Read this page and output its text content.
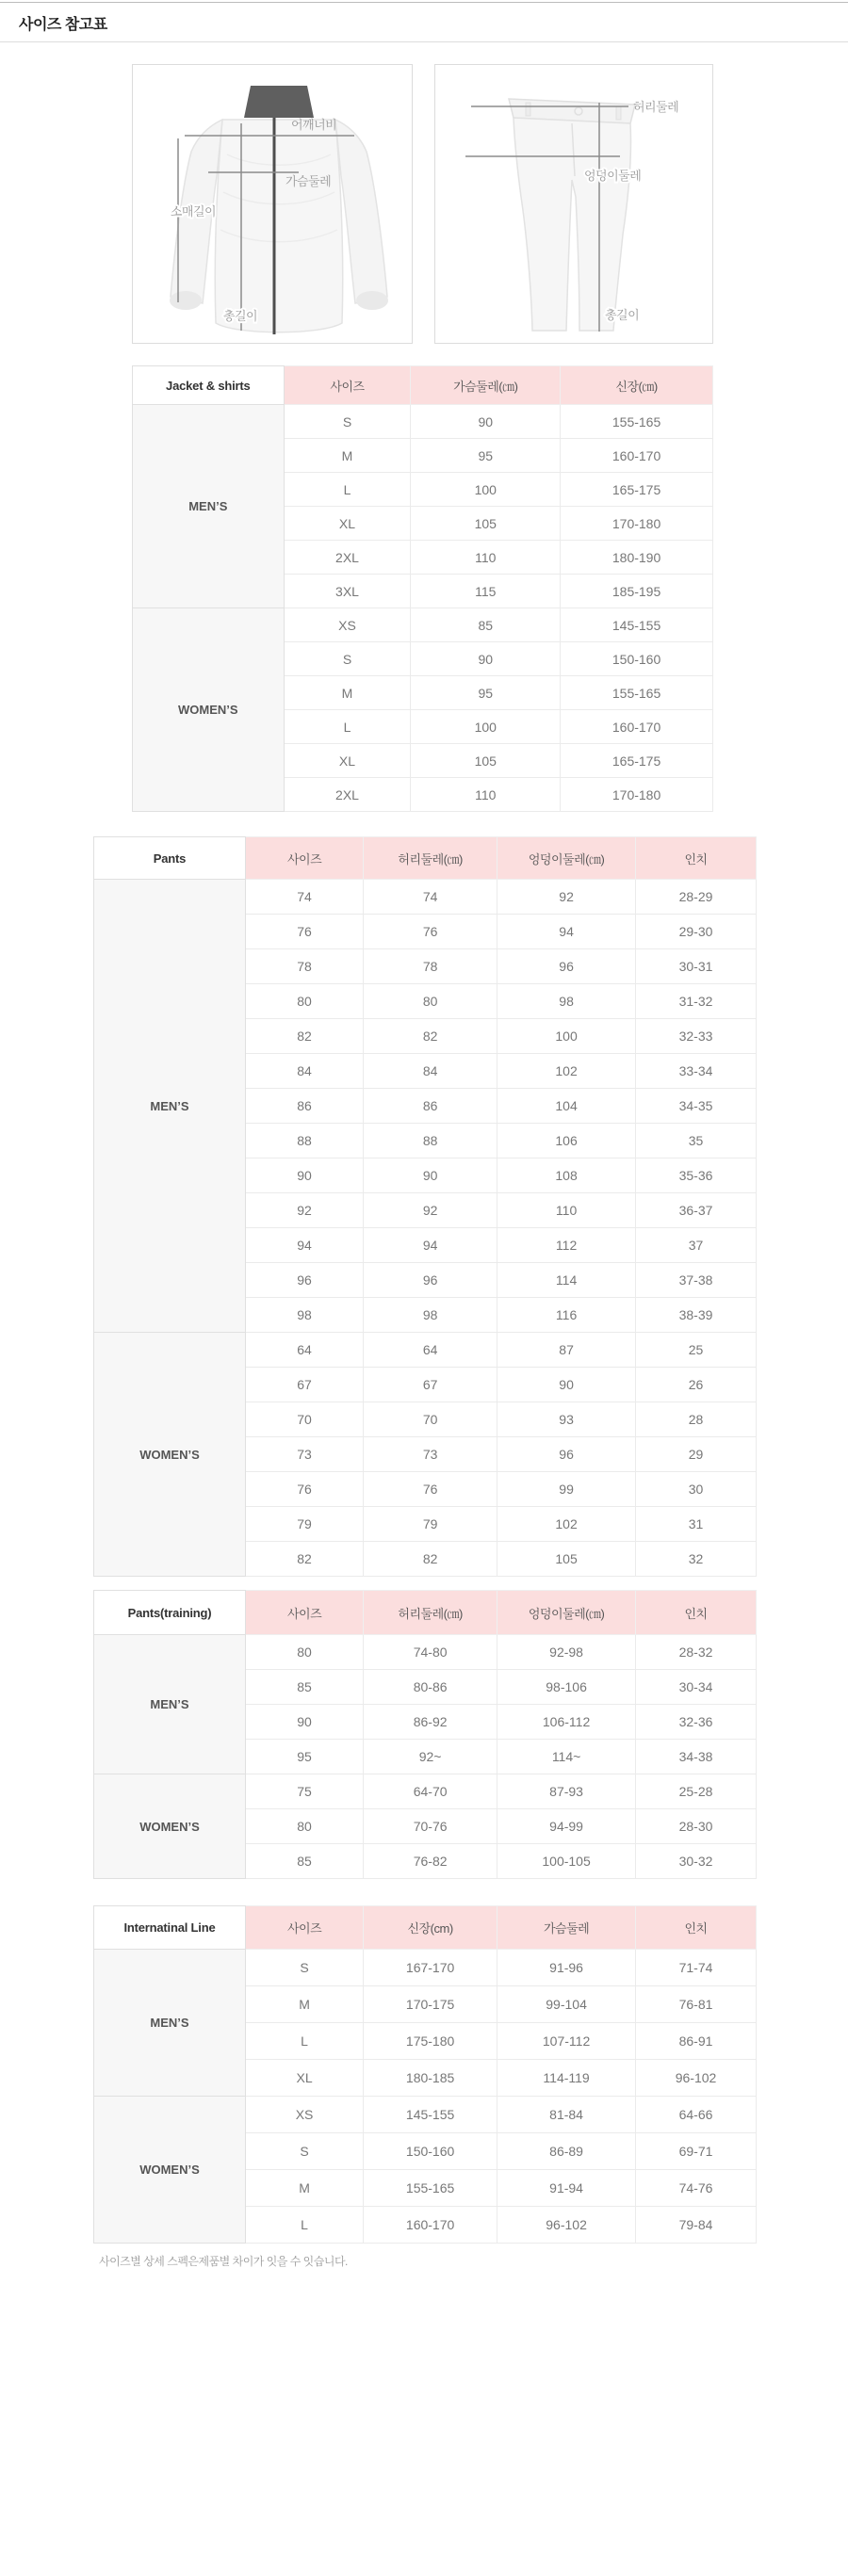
사이즈 참고표
어깨너비
가슴둘레
소매길이
총길이
허리둘레
엉덩이둘레
총길이
Jacket & shirts	사이즈	가슴둘레(㎝)	신장(㎝)
MEN’S	S	90	155-165
	M	95	160-170
	L	100	165-175
	XL	105	170-180
	2XL	110	180-190
	3XL	115	185-195
WOMEN’S	XS	85	145-155
	S	90	150-160
	M	95	155-165
	L	100	160-170
	XL	105	165-175
	2XL	110	170-180
Pants	사이즈	허리둘레(㎝)	엉덩이둘레(㎝)	인치
MEN’S	74	74	92	28-29
	76	76	94	29-30
	78	78	96	30-31
	80	80	98	31-32
	82	82	100	32-33
	84	84	102	33-34
	86	86	104	34-35
	88	88	106	35
	90	90	108	35-36
	92	92	110	36-37
	94	94	112	37
	96	96	114	37-38
	98	98	116	38-39
WOMEN’S	64	64	87	25
	67	67	90	26
	70	70	93	28
	73	73	96	29
	76	76	99	30
	79	79	102	31
	82	82	105	32
Pants(training)	사이즈	허리둘레(㎝)	엉덩이둘레(㎝)	인치
MEN’S	80	74-80	92-98	28-32
	85	80-86	98-106	30-34
	90	86-92	106-112	32-36
	95	92~	114~	34-38
WOMEN’S	75	64-70	87-93	25-28
	80	70-76	94-99	28-30
	85	76-82	100-105	30-32
Internatinal Line	사이즈	신장(cm)	가슴둘레	인치
MEN’S	S	167-170	91-96	71-74
	M	170-175	99-104	76-81
	L	175-180	107-112	86-91
	XL	180-185	114-119	96-102
WOMEN’S	XS	145-155	81-84	64-66
	S	150-160	86-89	69-71
	M	155-165	91-94	74-76
	L	160-170	96-102	79-84
사이즈별 상세 스펙은제품별 차이가 잇을 수 잇습니다.
